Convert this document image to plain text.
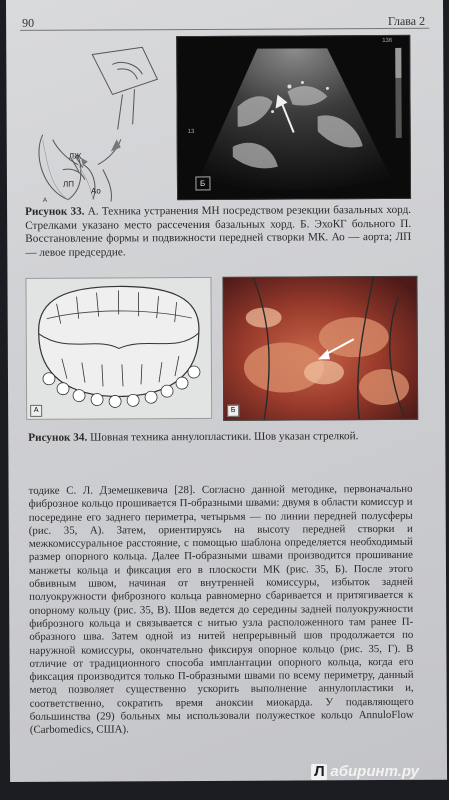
90	Глава 2
ЛЖ
ЛП
Ао
А
136
13
Б
Рисунок 33. А. Техника устранения МН посредством резекции базальных хорд. Стрелками указано место рассечения базальных хорд. Б. ЭхоКГ больного П. Восстановление формы и подвижности передней створки МК. Ао — аорта; ЛП — левое предсердие.
А	Б
Рисунок 34. Шовная техника аннулопластики. Шов указан стрелкой.
тодике С. Л. Дземешкевича [28]. Согласно данной методике, первоначально фиброзное кольцо прошивается П-образными швами: двумя в области комиссур и посередине его заднего периметра, четырьмя — по линии передней полусферы (рис. 35, А). Затем, ориентируясь на высоту передней створки и межкомиссуральное расстояние, с помощью шаблона определяется необходимый размер опорного кольца. Далее П-образными швами производится прошивание манжеты кольца и фиксация его в плоскости МК (рис. 35, Б). После этого обвивным швом, начиная от внутренней комиссуры, избыток задней полуокружности фиброзного кольца равномерно сбаривается и притягивается к опорному кольцу (рис. 35, В). Шов ведется до середины задней полуокружности фиброзного кольца и связывается с нитью узла расположенного там ранее П-образного шва. Затем одной из нитей непрерывный шов продолжается по наружной комиссуры, окончательно фиксируя опорное кольцо (рис. 35, Г). В отличие от традиционного способа имплантации опорного кольца, когда его фиксация производится только П-образными швами по всему периметру, данный метод позволяет существенно ускорить выполнение аннулопластики и, соответственно, сократить время аноксии миокарда. У подавляющего большинства (29) больных мы использовали полужесткое кольцо AnnuloFlow (Carbomedics, США).
Л абиринт.ру
